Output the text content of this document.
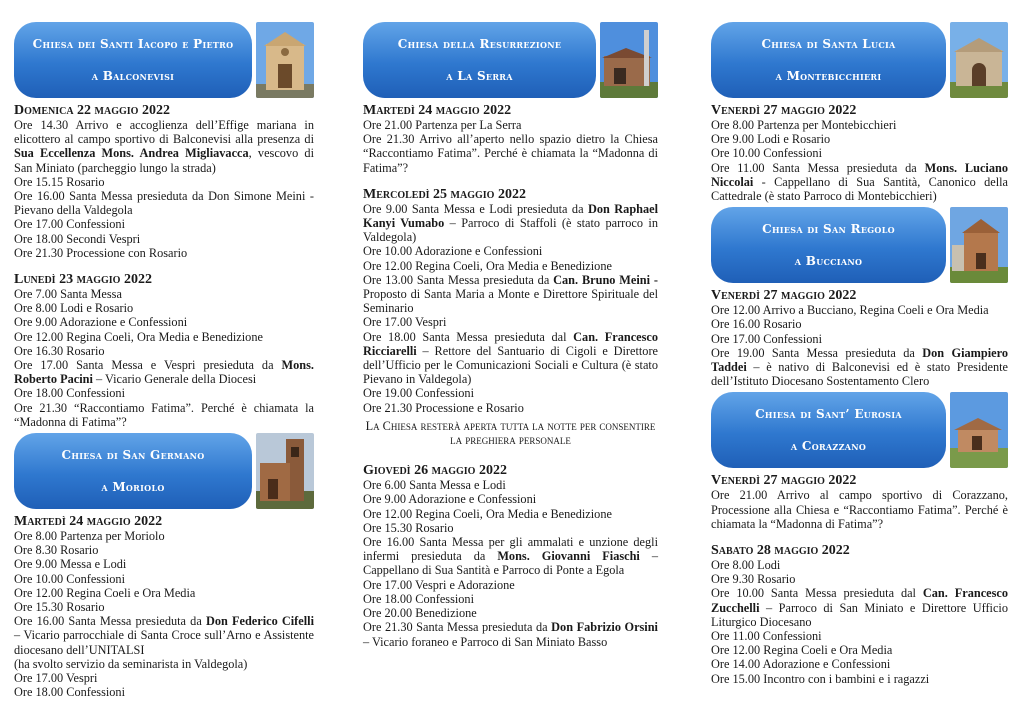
Chiesa dei Santi Iacopo e Pietro
a Balconevisi
Domenica 22 maggio 2022
Ore 14.30 Arrivo e accoglienza dell’Effige mariana in elicottero al campo sportivo di Balconevisi alla presenza di Sua Eccellenza Mons. Andrea Migliavacca, vescovo di San Miniato (parcheggio lungo la strada)
Ore 15.15 Rosario
Ore 16.00 Santa Messa presieduta da Don Simone Meini - Pievano della Valdegola
Ore 17.00 Confessioni
Ore 18.00 Secondi Vespri
Ore 21.30 Processione con Rosario
Lunedì 23 maggio 2022
Ore 7.00 Santa Messa
Ore 8.00 Lodi e Rosario
Ore 9.00 Adorazione e Confessioni
Ore 12.00 Regina Coeli, Ora Media e Benedizione
Ore 16.30 Rosario
Ore 17.00 Santa Messa e Vespri presieduta da Mons. Roberto Pacini – Vicario Generale della Diocesi
Ore 18.00 Confessioni
Ore 21.30 “Raccontiamo Fatima”. Perché è chiamata la “Madonna di Fatima”?
Chiesa di San Germano
a Moriolo
Martedì 24 maggio 2022
Ore 8.00 Partenza per Moriolo
Ore 8.30 Rosario
Ore 9.00 Messa e Lodi
Ore 10.00 Confessioni
Ore 12.00 Regina Coeli e Ora Media
Ore 15.30 Rosario
Ore 16.00 Santa Messa presieduta da Don Federico Cifelli – Vicario parrocchiale di Santa Croce sull’Arno e Assistente diocesano dell’UNITALSI
(ha svolto servizio da seminarista in Valdegola)
Ore 17.00 Vespri
Ore 18.00 Confessioni
Chiesa della Resurrezione
a La Serra
Martedì 24 maggio 2022
Ore 21.00 Partenza per La Serra
Ore 21.30 Arrivo all’aperto nello spazio dietro la Chiesa “Raccontiamo Fatima”. Perché è chiamata la “Madonna di Fatima”?
Mercoledì 25 maggio 2022
Ore 9.00 Santa Messa e Lodi presieduta da Don Raphael Kanyi Vumabo – Parroco di Staffoli (è stato parroco in Valdegola)
Ore 10.00 Adorazione e Confessioni
Ore 12.00 Regina Coeli, Ora Media e Benedizione
Ore 13.00 Santa Messa presieduta da Can. Bruno Meini - Proposto di Santa Maria a Monte e Direttore Spirituale del Seminario
Ore 17.00 Vespri
Ore 18.00 Santa Messa presieduta dal Can. Francesco Ricciarelli – Rettore del Santuario di Cigoli e Direttore dell’Ufficio per le Comunicazioni Sociali e Cultura (è stato Pievano in Valdegola)
Ore 19.00 Confessioni
Ore 21.30 Processione e Rosario
La Chiesa resterà aperta tutta la notte per consentire la preghiera personale
Giovedì 26 maggio 2022
Ore 6.00 Santa Messa e Lodi
Ore 9.00 Adorazione e Confessioni
Ore 12.00 Regina Coeli, Ora Media e Benedizione
Ore 15.30 Rosario
Ore 16.00 Santa Messa per gli ammalati e unzione degli infermi presieduta da Mons. Giovanni Fiaschi – Cappellano di Sua Santità e Parroco di Ponte a Egola
Ore 17.00 Vespri e Adorazione
Ore 18.00 Confessioni
Ore 20.00 Benedizione
Ore 21.30 Santa Messa presieduta da Don Fabrizio Orsini – Vicario foraneo e Parroco di San Miniato Basso
Chiesa di Santa Lucia
a Montebicchieri
Venerdì 27 maggio 2022
Ore 8.00 Partenza per Montebicchieri
Ore 9.00 Lodi e Rosario
Ore 10.00 Confessioni
Ore 11.00 Santa Messa presieduta da Mons. Luciano Niccolai - Cappellano di Sua Santità, Canonico della Cattedrale (è stato Parroco di Montebicchieri)
Chiesa di San Regolo
a Bucciano
Venerdì 27 maggio 2022
Ore 12.00 Arrivo a Bucciano, Regina Coeli e Ora Media
Ore 16.00 Rosario
Ore 17.00 Confessioni
Ore 19.00 Santa Messa presieduta da Don Giampiero Taddei – è nativo di Balconevisi ed è stato Presidente dell’Istituto Diocesano Sostentamento Clero
Chiesa di Sant’ Eurosia
a Corazzano
Venerdì 27 maggio 2022
Ore 21.00 Arrivo al campo sportivo di Corazzano, Processione alla Chiesa e “Raccontiamo Fatima”. Perché è chiamata la “Madonna di Fatima”?
Sabato 28 maggio 2022
Ore 8.00 Lodi
Ore 9.30 Rosario
Ore 10.00 Santa Messa presieduta dal Can. Francesco Zucchelli – Parroco di San Miniato e Direttore Ufficio Liturgico Diocesano
Ore 11.00 Confessioni
Ore 12.00 Regina Coeli e Ora Media
Ore 14.00 Adorazione e Confessioni
Ore 15.00 Incontro con i bambini e i ragazzi
